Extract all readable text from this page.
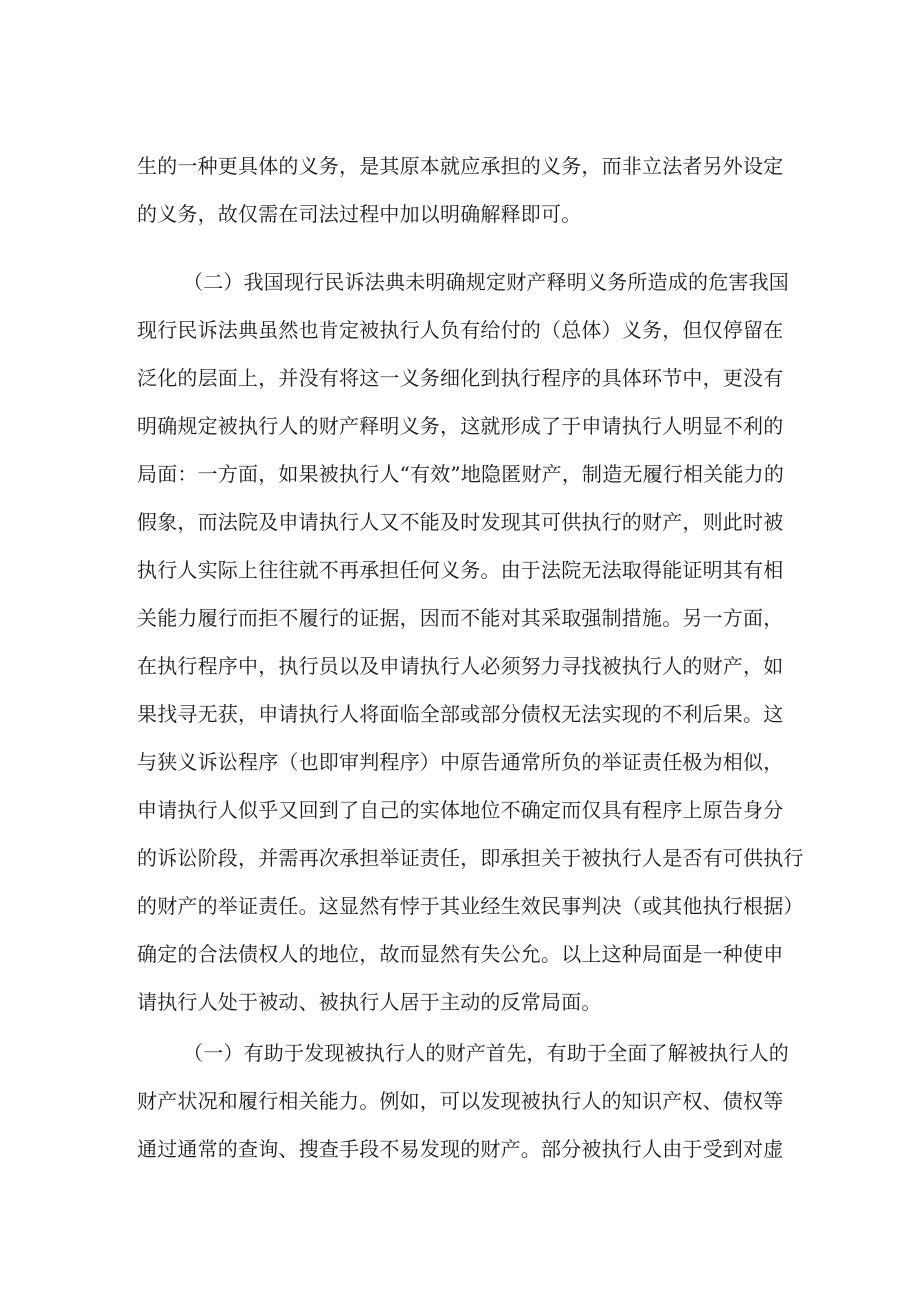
生的一种更具体的义务，是其原本就应承担的义务，而非立法者另外设定
的义务，故仅需在司法过程中加以明确解释即可。
（二）我国现行民诉法典未明确规定财产释明义务所造成的危害我国
现行民诉法典虽然也肯定被执行人负有给付的（总体）义务，但仅停留在
泛化的层面上，并没有将这一义务细化到执行程序的具体环节中，更没有
明确规定被执行人的财产释明义务，这就形成了于申请执行人明显不利的
局面：一方面，如果被执行人“有效”地隐匿财产，制造无履行相关能力的
假象，而法院及申请执行人又不能及时发现其可供执行的财产，则此时被
执行人实际上往往就不再承担任何义务。由于法院无法取得能证明其有相
关能力履行而拒不履行的证据，因而不能对其采取强制措施。另一方面，
在执行程序中，执行员以及申请执行人必须努力寻找被执行人的财产，如
果找寻无获，申请执行人将面临全部或部分债权无法实现的不利后果。这
与狭义诉讼程序（也即审判程序）中原告通常所负的举证责任极为相似，
申请执行人似乎又回到了自己的实体地位不确定而仅具有程序上原告身分
的诉讼阶段，并需再次承担举证责任，即承担关于被执行人是否有可供执行
的财产的举证责任。这显然有悖于其业经生效民事判决（或其他执行根据）
确定的合法债权人的地位，故而显然有失公允。以上这种局面是一种使申
请执行人处于被动、被执行人居于主动的反常局面。
（一）有助于发现被执行人的财产首先，有助于全面了解被执行人的
财产状况和履行相关能力。例如，可以发现被执行人的知识产权、债权等
通过通常的查询、搜查手段不易发现的财产。部分被执行人由于受到对虚
